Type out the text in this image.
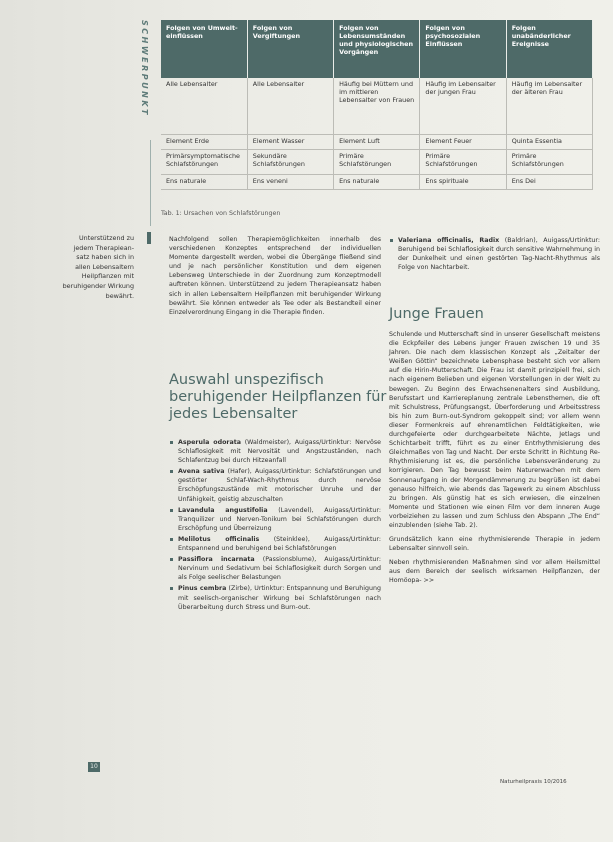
SCHWERPUNKT	Folgen von Umwelt-einflüssen	Folgen von Vergiftungen	Folgen von Lebensumständen und physiologischen Vorgängen	Folgen von psychosozialen Einflüssen	Folgen unabänderlicher Ereignisse
Alle Lebensalter	Alle Lebensalter	Häufig bei Müttern und im mittleren Lebensalter von Frauen	Häufig im Lebensalter der jungen Frau	Häufig im Lebensalter der älteren Frau
Element Erde	Element Wasser	Element Luft	Element Feuer	Quinta Essentia
Primärsymptomatische Schlafstörungen	Sekundäre Schlafstörungen	Primäre Schlafstörungen	Primäre Schlafstörungen	Primäre Schlafstörungen
Ens naturale	Ens veneni	Ens naturale	Ens spirituale	Ens Dei
Tab. 1: Ursachen von Schlafstörungen
Unterstützend zu jedem Therapiean-satz haben sich in allen Lebensaltern Heilpflanzen mit beruhigender Wirkung bewährt.

Nachfolgend sollen Therapiemöglichkeiten innerhalb des verschiedenen Konzeptes entsprechend der individuellen Momente dargestellt werden, wobei die Übergänge fließend sind und je nach persönlicher Konstitution und dem eigenen Lebensweg Unterschiede in der Zuordnung zum Konzeptmodell auftreten können. Unterstützend zu jedem Therapieansatz haben sich in allen Lebensaltern Heilpflanzen mit beruhigender Wirkung bewährt. Sie können entweder als Tee oder als Bestandteil einer Einzelverordnung Eingang in die Therapie finden.

Auswahl unspezifisch beruhigender Heilpflanzen für jedes Lebensalter
Asperula odorata (Waldmeister), Auigass/Urtinktur: Nervöse Schlaflosigkeit mit Nervosität und Angstzuständen, nach Schlafentzug bei durch Hitzeanfall
Avena sativa (Hafer), Auigass/Urtinktur: Schlafstörungen und gestörter Schlaf-Wach-Rhythmus durch nervöse Erschöpfungszustände mit motorischer Unruhe und der Unfähigkeit, geistig abzuschalten
Lavandula angustifolia (Lavendel), Auigass/Urtinktur: Tranquilizer und Nerven-Tonikum bei Schlafstörungen durch Erschöpfung und Überreizung
Melilotus officinalis (Steinklee), Auigass/Urtinktur: Entspannend und beruhigend bei Schlafstörungen
Passiflora incarnata (Passionsblume), Auigass/Urtinktur: Nervinum und Sedativum bei Schlaflosigkeit durch Sorgen und als Folge seelischer Belastungen
Pinus cembra (Zirbe), Urtinktur: Entspannung und Beruhigung mit seelisch-organischer Wirkung bei Schlafstörungen nach Überarbeitung durch Stress und Burn-out.
Valeriana officinalis, Radix (Baldrian), Auigass/Urtinktur: Beruhigend bei Schlaflosigkeit durch sensitive Wahrnehmung in der Dunkelheit und einen gestörten Tag-Nacht-Rhythmus als Folge von Nachtarbeit.
Junge Frauen

Schulende und Mutterschaft sind in unserer Gesellschaft meistens die Eckpfeiler des Lebens junger Frauen zwischen 19 und 35 Jahren. Die nach dem klassischen Konzept als „Zeitalter der Weißen Göttin“ bezeichnete Lebensphase besteht sich vor allem auf die Hirin-Mutterschaft. Die Frau ist damit prinzipiell frei, sich nach eigenem Belieben und eigenen Vorstellungen in der Welt zu bewegen. Zu Beginn des Erwachsenenalters sind Ausbildung, Berufsstart und Karriereplanung zentrale Lebensthemen, die oft mit Schulstress, Prüfungsangst, Überforderung und Arbeitsstress bis hin zum Burn-out-Syndrom gekoppelt sind; vor allem wenn dieser Formenkreis auf ehrenamtlichen Feldtätigkeiten, wie durchgefeierte oder durchgearbeitete Nächte, Jetlags und Schichtarbeit trifft, führt es zu einer Entrhythmisierung des Gleichmaßes von Tag und Nacht. Der erste Schritt in Richtung Re-Rhythmisierung ist es, die persönliche Lebensveränderung zu korrigieren. Den Tag bewusst beim Naturerwachen mit dem Sonnenaufgang in der Morgendämmerung zu begrüßen ist dabei genauso hilfreich, wie abends das Tagewerk zu einem Abschluss zu bringen. Als günstig hat es sich erwiesen, die einzelnen Momente und Stationen wie einen Film vor dem inneren Auge vorbeiziehen zu lassen und zum Schluss den Abspann „The End“ einzublenden (siehe Tab. 2).

Grundsätzlich kann eine rhythmisierende Therapie in jedem Lebensalter sinnvoll sein.

Neben rhythmisierenden Maßnahmen sind vor allem Heilsmittel aus dem Bereich der seelisch wirksamen Heilpflanzen, der Homöopa- >>

10
Naturheilpraxis 10/2016
